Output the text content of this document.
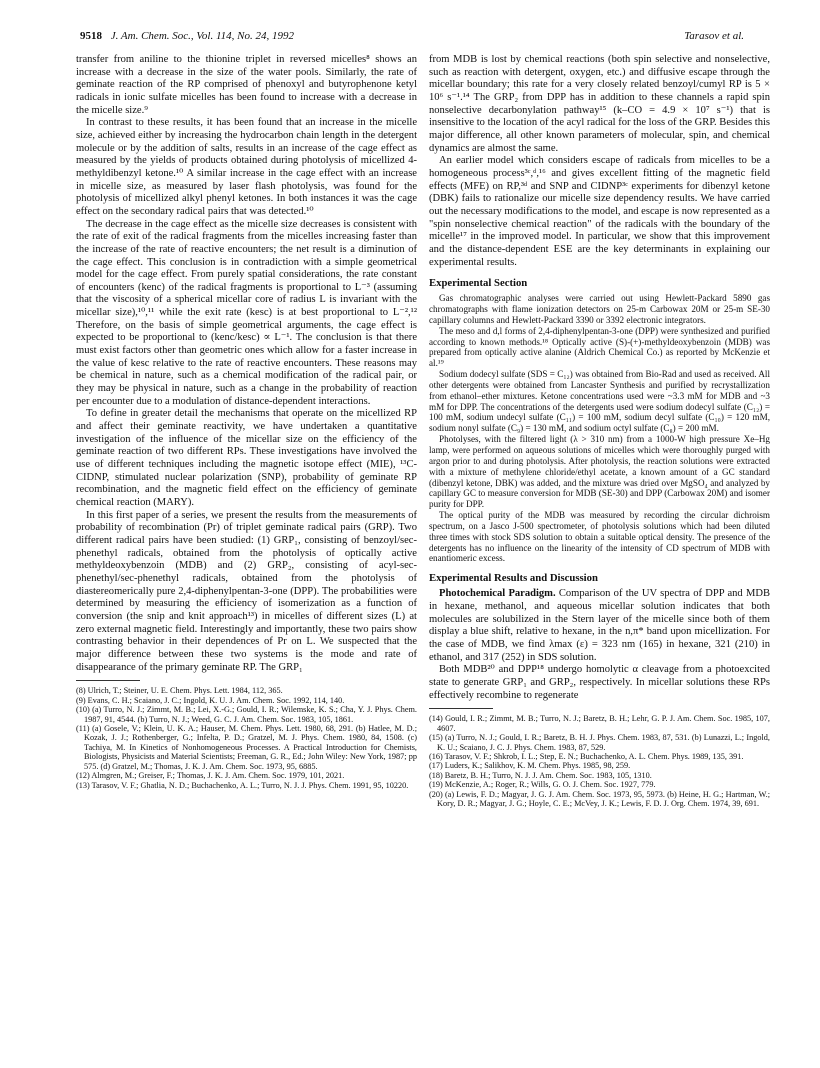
9518 J. Am. Chem. Soc., Vol. 114, No. 24, 1992	Tarasov et al.

transfer from aniline to the thionine triplet in reversed micelles⁸ shows an increase with a decrease in the size of the water pools. Similarly, the rate of geminate reaction of the RP comprised of phenoxyl and butyrophenone ketyl radicals in ionic sulfate micelles has been found to increase with a decrease in the micelle size.⁹

In contrast to these results, it has been found that an increase in the micelle size, achieved either by increasing the hydrocarbon chain length in the detergent molecule or by the addition of salts, results in an increase of the cage effect as measured by the yields of products obtained during photolysis of micellized 4-methyldibenzyl ketone.¹⁰ A similar increase in the cage effect with an increase in micelle size, as measured by laser flash photolysis, was found for the photolysis of micellized alkyl phenyl ketones. In both instances it was the cage effect on the secondary radical pairs that was detected.¹⁰

The decrease in the cage effect as the micelle size decreases is consistent with the rate of exit of the radical fragments from the micelles increasing faster than the increase of the rate of reactive encounters; the net result is a diminution of the cage effect. This conclusion is in contradiction with a simple geometrical model for the cage effect. From purely spatial considerations, the rate constant of encounters (kenc) of the radical fragments is proportional to L⁻³ (assuming that the viscosity of a spherical micellar core of radius L is invariant with the micellar size),¹⁰,¹¹ while the exit rate (kesc) is at best proportional to L⁻²,¹² Therefore, on the basis of simple geometrical arguments, the cage effect is expected to be proportional to (kenc/kesc) ∝ L⁻¹. The conclusion is that there must exist factors other than geometric ones which allow for a faster increase in the value of kesc relative to the rate of reactive encounters. These reasons may be chemical in nature, such as a chemical modification of the radical pair, or they may be physical in nature, such as a change in the probability of reaction per encounter due to a modulation of distance-dependent interactions.

To define in greater detail the mechanisms that operate on the micellized RP and affect their geminate reactivity, we have undertaken a quantitative investigation of the influence of the micellar size on the efficiency of the geminate reaction of two different RPs. These investigations have involved the use of different techniques including the magnetic isotope effect (MIE), ¹³C-CIDNP, stimulated nuclear polarization (SNP), probability of geminate RP recombination, and the magnetic field effect on the efficiency of geminate chemical reaction (MARY).

In this first paper of a series, we present the results from the measurements of probability of recombination (Pr) of triplet geminate radical pairs (GRP). Two different radical pairs have been studied: (1) GRP₁, consisting of benzoyl/sec-phenethyl radicals, obtained from the photolysis of optically active methyldeoxybenzoin (MDB) and (2) GRP₂, consisting of acyl-sec-phenethyl/sec-phenethyl radicals, obtained from the photolysis of diastereomerically pure 2,4-diphenylpentan-3-one (DPP). The probabilities were determined by measuring the efficiency of isomerization as a function of conversion (the snip and knit approach¹³) in micelles of different sizes (L) at zero external magnetic field. Interestingly and importantly, these two pairs show contrasting behavior in their dependences of Pr on L. We suspected that the major difference between these two systems is the mode and rate of disappearance of the primary geminate RP. The GRP₁

(8) Ulrich, T.; Steiner, U. E. Chem. Phys. Lett. 1984, 112, 365.

(9) Evans, C. H.; Scaiano, J. C.; Ingold, K. U. J. Am. Chem. Soc. 1992, 114, 140.

(10) (a) Turro, N. J.; Zimmt, M. B.; Lei, X.-G.; Gould, I. R.; Wilemske, K. S.; Cha, Y. J. Phys. Chem. 1987, 91, 4544. (b) Turro, N. J.; Weed, G. C. J. Am. Chem. Soc. 1983, 105, 1861.

(11) (a) Gosele, V.; Klein, U. K. A.; Hauser, M. Chem. Phys. Lett. 1980, 68, 291. (b) Hatlee, M. D.; Kozak, J. J.; Rothenberger, G.; Infelta, P. D.; Gratzel, M. J. Phys. Chem. 1980, 84, 1508. (c) Tachiya, M. In Kinetics of Nonhomogeneous Processes. A Practical Introduction for Chemists, Biologists, Physicists and Material Scientists; Freeman, G. R., Ed.; John Wiley: New York, 1987; pp 575. (d) Gratzel, M.; Thomas, J. K. J. Am. Chem. Soc. 1973, 95, 6885.

(12) Almgren, M.; Greiser, F.; Thomas, J. K. J. Am. Chem. Soc. 1979, 101, 2021.

(13) Tarasov, V. F.; Ghatlia, N. D.; Buchachenko, A. L.; Turro, N. J. J. Phys. Chem. 1991, 95, 10220.

from MDB is lost by chemical reactions (both spin selective and nonselective, such as reaction with detergent, oxygen, etc.) and diffusive escape through the micellar boundary; this rate for a very closely related benzoyl/cumyl RP is 5 × 10⁶ s⁻¹.¹⁴ The GRP₂ from DPP has in addition to these channels a rapid spin nonselective decarbonylation pathway¹⁵ (k–CO = 4.9 × 10⁷ s⁻¹) that is insensitive to the location of the acyl radical for the loss of the GRP. Besides this major difference, all other known parameters of molecular, spin, and chemical dynamics are almost the same.

An earlier model which considers escape of radicals from micelles to be a homogeneous process³ᶜ,ᵈ,¹⁶ and gives excellent fitting of the magnetic field effects (MFE) on RP,³ᵈ and SNP and CIDNP³ᶜ experiments for dibenzyl ketone (DBK) fails to rationalize our micelle size dependency results. We have carried out the necessary modifications to the model, and escape is now represented as a "spin nonselective chemical reaction" of the radicals with the boundary of the micelle¹⁷ in the improved model. In particular, we show that this improvement and the distance-dependent ESE are the key determinants in explaining our experimental results.

Experimental Section

Gas chromatographic analyses were carried out using Hewlett-Packard 5890 gas chromatographs with flame ionization detectors on 25-m Carbowax 20M or 25-m SE-30 capillary columns and Hewlett-Packard 3390 or 3392 electronic integrators.

The meso and d,l forms of 2,4-diphenylpentan-3-one (DPP) were synthesized and purified according to known methods.¹⁸ Optically active (S)-(+)-methyldeoxybenzoin (MDB) was prepared from optically active alanine (Aldrich Chemical Co.) as reported by McKenzie et al.¹⁹

Sodium dodecyl sulfate (SDS = C₁₂) was obtained from Bio-Rad and used as received. All other detergents were obtained from Lancaster Synthesis and purified by recrystallization from ethanol–ether mixtures. Ketone concentrations used were ~3.3 mM for MDB and ~3 mM for DPP. The concentrations of the detergents used were sodium dodecyl sulfate (C₁₂) = 100 mM, sodium undecyl sulfate (C₁₁) = 100 mM, sodium decyl sulfate (C₁₀) = 120 mM, sodium nonyl sulfate (C₉) = 130 mM, and sodium octyl sulfate (C₈) = 200 mM.

Photolyses, with the filtered light (λ > 310 nm) from a 1000-W high pressure Xe–Hg lamp, were performed on aqueous solutions of micelles which were thoroughly purged with argon prior to and during photolysis. After photolysis, the reaction solutions were extracted with a mixture of methylene chloride/ethyl acetate, a known amount of a GC standard (dibenzyl ketone, DBK) was added, and the mixture was dried over MgSO₄ and analyzed by capillary GC to measure conversion for MDB (SE-30) and DPP (Carbowax 20M) and isomer purity for DPP.

The optical purity of the MDB was measured by recording the circular dichroism spectrum, on a Jasco J-500 spectrometer, of photolysis solutions which had been diluted three times with stock SDS solution to obtain a suitable optical density. The presence of the detergents has no influence on the linearity of the intensity of CD spectrum of MDB with enantiomeric excess.

Experimental Results and Discussion

Photochemical Paradigm. Comparison of the UV spectra of DPP and MDB in hexane, methanol, and aqueous micellar solution indicates that both molecules are solubilized in the Stern layer of the micelle since both of them display a blue shift, relative to hexane, in the n,π* band upon micellization. For the case of MDB, we find λmax (ε) = 323 nm (165) in hexane, 321 (210) in ethanol, and 317 (252) in SDS solution.

Both MDB²⁰ and DPP¹⁸ undergo homolytic α cleavage from a photoexcited state to generate GRP₁ and GRP₂, respectively. In micellar solutions these RPs effectively recombine to regenerate

(14) Gould, I. R.; Zimmt, M. B.; Turro, N. J.; Baretz, B. H.; Lehr, G. P. J. Am. Chem. Soc. 1985, 107, 4607.

(15) (a) Turro, N. J.; Gould, I. R.; Baretz, B. H. J. Phys. Chem. 1983, 87, 531. (b) Lunazzi, L.; Ingold, K. U.; Scaiano, J. C. J. Phys. Chem. 1983, 87, 529.

(16) Tarasov, V. F.; Shkrob, I. L.; Step, E. N.; Buchachenko, A. L. Chem. Phys. 1989, 135, 391.

(17) Luders, K.; Salikhov, K. M. Chem. Phys. 1985, 98, 259.

(18) Baretz, B. H.; Turro, N. J. J. Am. Chem. Soc. 1983, 105, 1310.

(19) McKenzie, A.; Roger, R.; Wills, G. O. J. Chem. Soc. 1927, 779.

(20) (a) Lewis, F. D.; Magyar, J. G. J. Am. Chem. Soc. 1973, 95, 5973. (b) Heine, H. G.; Hartman, W.; Kory, D. R.; Magyar, J. G.; Hoyle, C. E.; McVey, J. K.; Lewis, F. D. J. Org. Chem. 1974, 39, 691.
